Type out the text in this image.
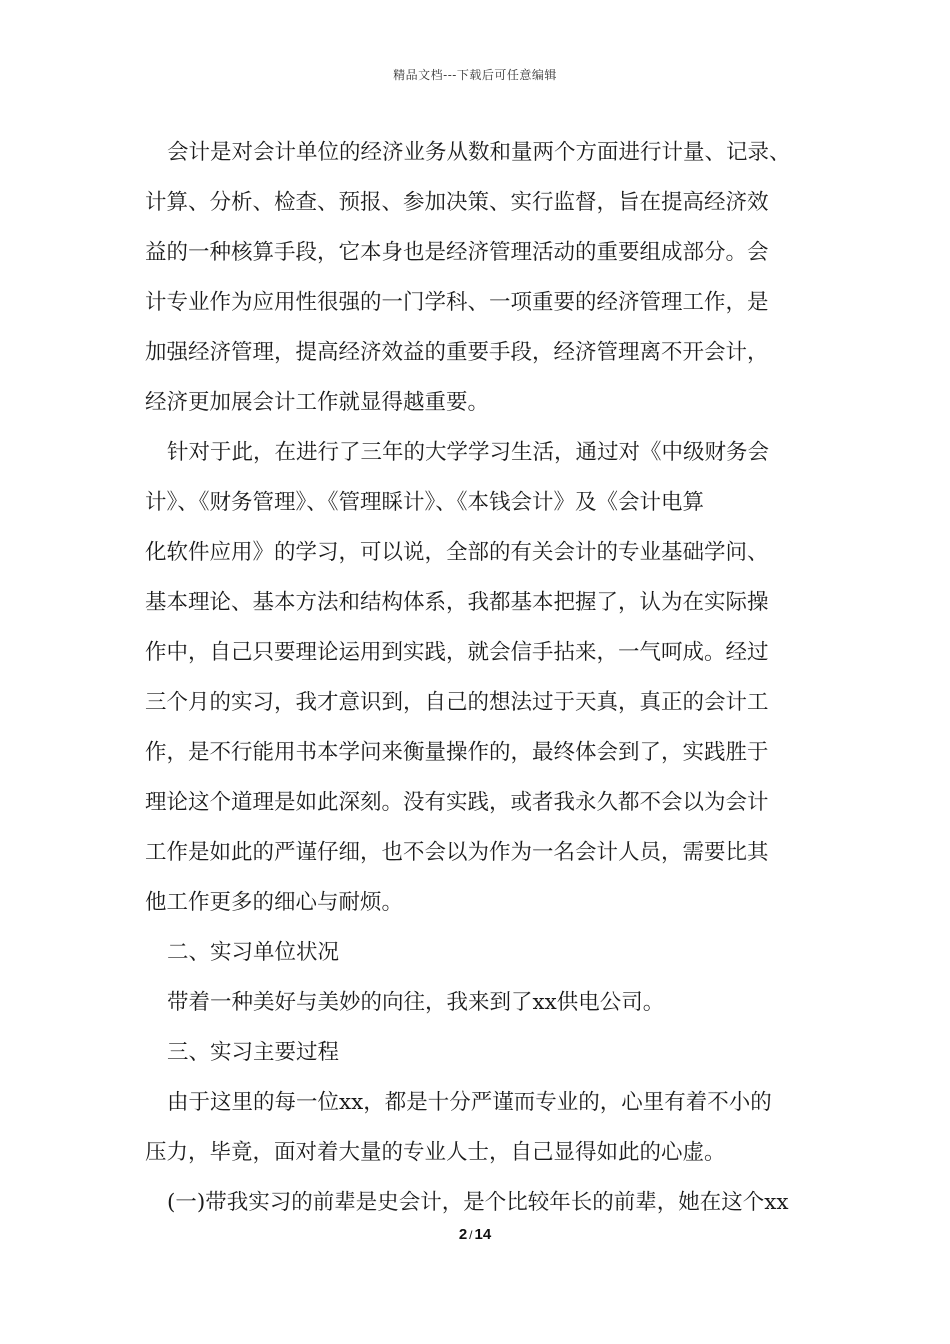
精品文档---下载后可任意编辑
会计是对会计单位的经济业务从数和量两个方面进行计量、记录、
计算、分析、检查、预报、参加决策、实行监督，旨在提高经济效
益的一种核算手段，它本身也是经济管理活动的重要组成部分。会
计专业作为应用性很强的一门学科、一项重要的经济管理工作，是
加强经济管理，提高经济效益的重要手段，经济管理离不开会计，
经济更加展会计工作就显得越重要。
针对于此，在进行了三年的大学学习生活，通过对《中级财务会
计》、《财务管理》、《管理睬计》、《本钱会计》及《会计电算
化软件应用》的学习，可以说，全部的有关会计的专业基础学问、
基本理论、基本方法和结构体系，我都基本把握了，认为在实际操
作中，自己只要理论运用到实践，就会信手拈来，一气呵成。经过
三个月的实习，我才意识到，自己的想法过于天真，真正的会计工
作，是不行能用书本学问来衡量操作的，最终体会到了，实践胜于
理论这个道理是如此深刻。没有实践，或者我永久都不会以为会计
工作是如此的严谨仔细，也不会以为作为一名会计人员，需要比其
他工作更多的细心与耐烦。
二、实习单位状况
带着一种美好与美妙的向往，我来到了xx供电公司。
三、实习主要过程
由于这里的每一位xx，都是十分严谨而专业的，心里有着不小的
压力，毕竟，面对着大量的专业人士，自己显得如此的心虚。
(一)带我实习的前辈是史会计，是个比较年长的前辈，她在这个xx
2 / 14
